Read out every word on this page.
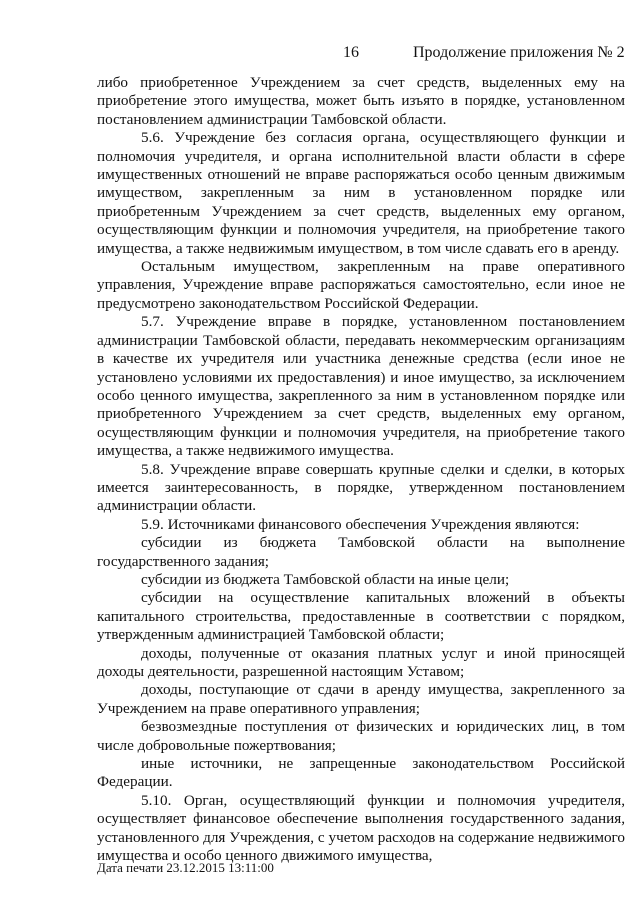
16	Продолжение приложения № 2

либо приобретенное Учреждением за счет средств, выделенных ему на приобретение этого имущества, может быть изъято в порядке, установленном постановлением администрации Тамбовской области.

5.6. Учреждение без согласия органа, осуществляющего функции и полномочия учредителя, и органа исполнительной власти области в сфере имущественных отношений не вправе распоряжаться особо ценным движимым имуществом, закрепленным за ним в установленном порядке или приобретенным Учреждением за счет средств, выделенных ему органом, осуществляющим функции и полномочия учредителя, на приобретение такого имущества, а также недвижимым имуществом, в том числе сдавать его в аренду.

Остальным имуществом, закрепленным на праве оперативного управления, Учреждение вправе распоряжаться самостоятельно, если иное не предусмотрено законодательством Российской Федерации.

5.7. Учреждение вправе в порядке, установленном постановлением администрации Тамбовской области, передавать некоммерческим организациям в качестве их учредителя или участника денежные средства (если иное не установлено условиями их предоставления) и иное имущество, за исключением особо ценного имущества, закрепленного за ним в установленном порядке или приобретенного Учреждением за счет средств, выделенных ему органом, осуществляющим функции и полномочия учредителя, на приобретение такого имущества, а также недвижимого имущества.

5.8. Учреждение вправе совершать крупные сделки и сделки, в которых имеется заинтересованность, в порядке, утвержденном постановлением администрации области.

5.9. Источниками финансового обеспечения Учреждения являются:

субсидии из бюджета Тамбовской области на выполнение государственного задания;

субсидии из бюджета Тамбовской области на иные цели;

субсидии на осуществление капитальных вложений в объекты капитального строительства, предоставленные в соответствии с порядком, утвержденным администрацией Тамбовской области;

доходы, полученные от оказания платных услуг и иной приносящей доходы деятельности, разрешенной настоящим Уставом;

доходы, поступающие от сдачи в аренду имущества, закрепленного за Учреждением на праве оперативного управления;

безвозмездные поступления от физических и юридических лиц, в том числе добровольные пожертвования;

иные источники, не запрещенные законодательством Российской Федерации.

5.10. Орган, осуществляющий функции и полномочия учредителя, осуществляет финансовое обеспечение выполнения государственного задания, установленного для Учреждения, с учетом расходов на содержание недвижимого имущества и особо ценного движимого имущества,

Дата печати 23.12.2015 13:11:00
